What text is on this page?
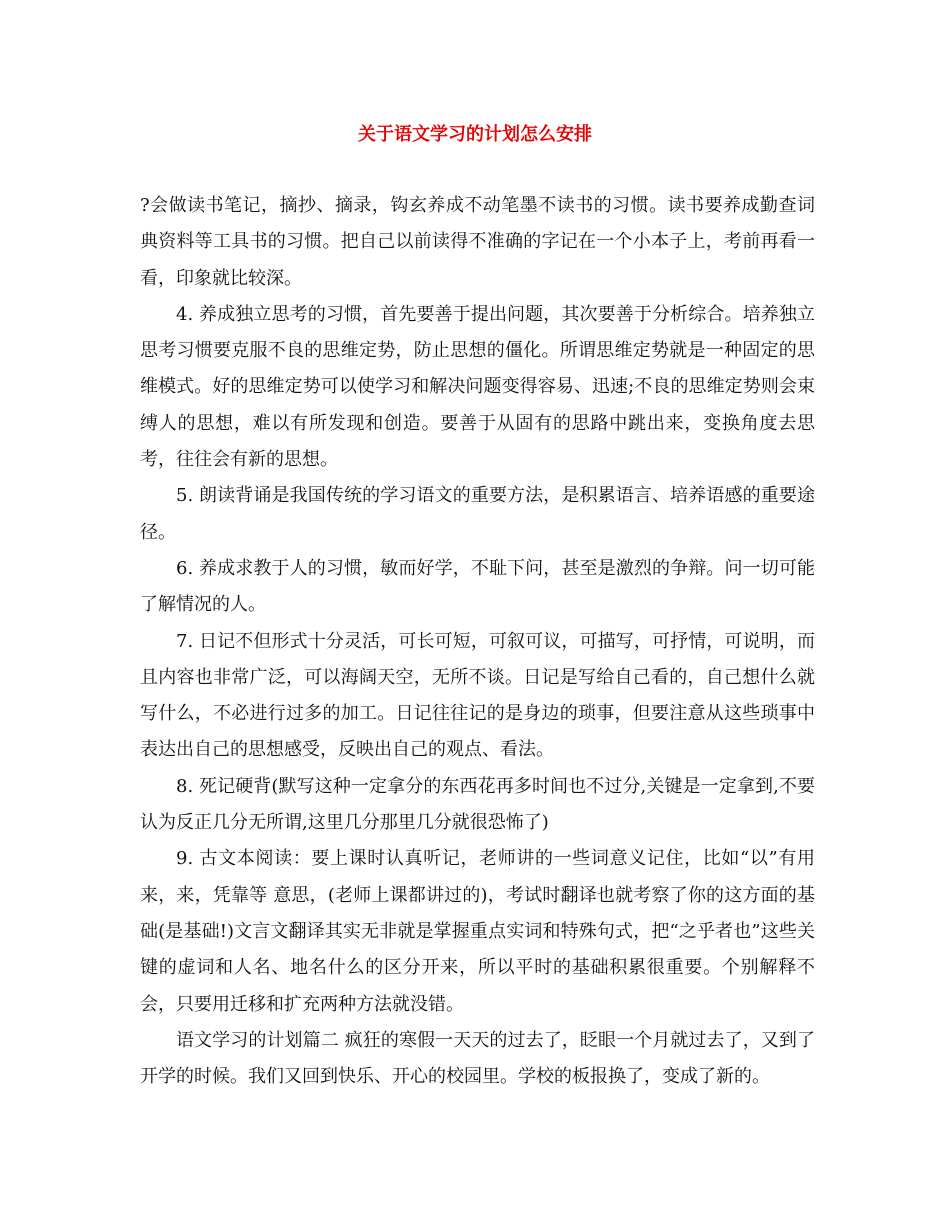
关于语文学习的计划怎么安排

?会做读书笔记，摘抄、摘录，钩玄养成不动笔墨不读书的习惯。读书要养成勤查词典资料等工具书的习惯。把自己以前读得不准确的字记在一个小本子上，考前再看一看，印象就比较深。

4. 养成独立思考的习惯，首先要善于提出问题，其次要善于分析综合。培养独立思考习惯要克服不良的思维定势，防止思想的僵化。所谓思维定势就是一种固定的思维模式。好的思维定势可以使学习和解决问题变得容易、迅速;不良的思维定势则会束缚人的思想，难以有所发现和创造。要善于从固有的思路中跳出来，变换角度去思考，往往会有新的思想。

5. 朗读背诵是我国传统的学习语文的重要方法，是积累语言、培养语感的重要途径。

6. 养成求教于人的习惯，敏而好学，不耻下问，甚至是激烈的争辩。问一切可能了解情况的人。

7. 日记不但形式十分灵活，可长可短，可叙可议，可描写，可抒情，可说明，而且内容也非常广泛，可以海阔天空，无所不谈。日记是写给自己看的，自己想什么就写什么，不必进行过多的加工。日记往往记的是身边的琐事，但要注意从这些琐事中表达出自己的思想感受，反映出自己的观点、看法。

8. 死记硬背(默写这种一定拿分的东西花再多时间也不过分,关键是一定拿到,不要认为反正几分无所谓,这里几分那里几分就很恐怖了)

9. 古文本阅读：要上课时认真听记，老师讲的一些词意义记住，比如“以”有用来，来，凭靠等 意思，(老师上课都讲过的)，考试时翻译也就考察了你的这方面的基础(是基础!)文言文翻译其实无非就是掌握重点实词和特殊句式，把“之乎者也”这些关键的虚词和人名、地名什么的区分开来，所以平时的基础积累很重要。个别解释不会，只要用迁移和扩充两种方法就没错。

语文学习的计划篇二 疯狂的寒假一天天的过去了，眨眼一个月就过去了，又到了开学的时候。我们又回到快乐、开心的校园里。学校的板报换了，变成了新的。
